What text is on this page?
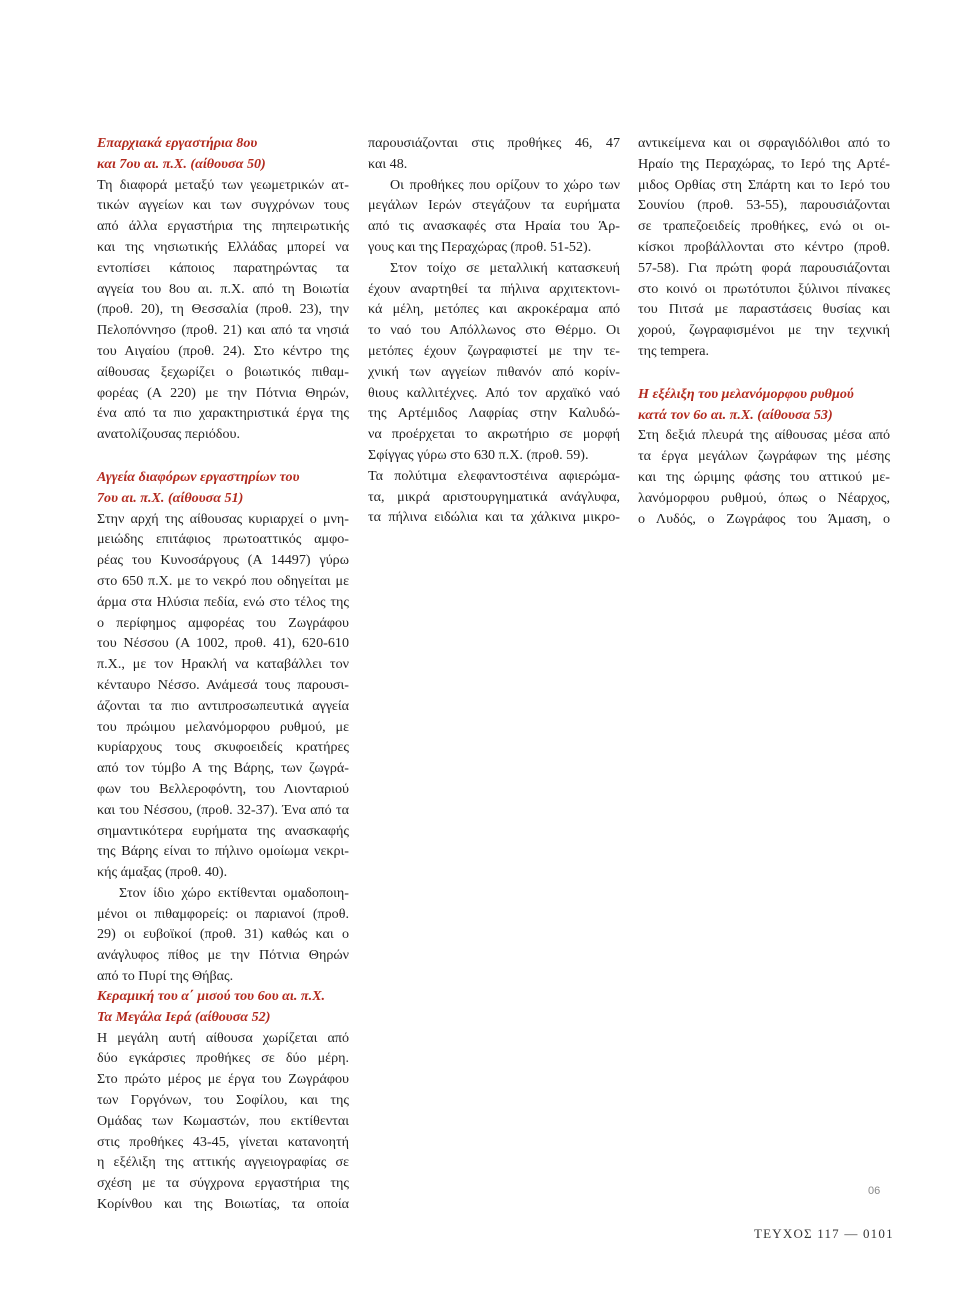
Επαρχιακά εργαστήρια 8ου
και 7ου αι. π.Χ. (αίθουσα 50)
Τη διαφορά μεταξύ των γεωμετρικών ατ-
τικών αγγείων και των συγχρόνων τους
από άλλα εργαστήρια της πηπειρωτικής
και της νησιωτικής Ελλάδας μπορεί να
εντοπίσει κάποιος παρατηρώντας τα
αγγεία του 8ου αι. π.Χ. από τη Βοιωτία
(προθ. 20), τη Θεσσαλία (προθ. 23), την
Πελοπόννησο (προθ. 21) και από τα νησιά
του Αιγαίου (προθ. 24). Στο κέντρο της
αίθουσας ξεχωρίζει ο βοιωτικός πιθαμ-
φορέας (Α 220) με την Πότνια Θηρών,
ένα από τα πιο χαρακτηριστικά έργα της
ανατολίζουσας περιόδου.
Αγγεία διαφόρων εργαστηρίων του
7ου αι. π.Χ. (αίθουσα 51)
Στην αρχή της αίθουσας κυριαρχεί ο μνη-
μειώδης επιτάφιος πρωτοαττικός αμφο-
ρέας του Κυνοσάργους (Α 14497) γύρω
στο 650 π.Χ. με το νεκρό που οδηγείται με
άρμα στα Ηλύσια πεδία, ενώ στο τέλος της
ο περίφημος αμφορέας του Ζωγράφου
του Νέσσου (Α 1002, προθ. 41), 620-610
π.Χ., με τον Ηρακλή να καταβάλλει τον
κένταυρο Νέσσο. Ανάμεσά τους παρουσι-
άζονται τα πιο αντιπροσωπευτικά αγγεία
του πρώιμου μελανόμορφου ρυθμού, με
κυρίαρχους τους σκυφοειδείς κρατήρες
από τον τύμβο Α της Βάρης, των ζωγρά-
φων του Βελλεροφόντη, του Λιονταριού
και του Νέσσου, (προθ. 32-37). Ένα από τα
σημαντικότερα ευρήματα της ανασκαφής
της Βάρης είναι το πήλινο ομοίωμα νεκρι-
κής άμαξας (προθ. 40).
Στον ίδιο χώρο εκτίθενται ομαδοποιη-
μένοι οι πιθαμφορείς: οι παριανοί (προθ.
29) οι ευβοϊκοί (προθ. 31) καθώς και ο
ανάγλυφος πίθος με την Πότνια Θηρών
από το Πυρί της Θήβας.
Κεραμική του α΄ μισού του 6ου αι. π.Χ.
Τα Μεγάλα Ιερά (αίθουσα 52)
Η μεγάλη αυτή αίθουσα χωρίζεται από
δύο εγκάρσιες προθήκες σε δύο μέρη.
Στο πρώτο μέρος με έργα του Ζωγράφου
των Γοργόνων, του Σοφίλου, και της
Ομάδας των Κωμαστών, που εκτίθενται
στις προθήκες 43-45, γίνεται κατανοητή
η εξέλιξη της αττικής αγγειογραφίας σε
σχέση με τα σύγχρονα εργαστήρια της
Κορίνθου και της Βοιωτίας, τα οποία
παρουσιάζονται στις προθήκες 46, 47
και 48.
Οι προθήκες που ορίζουν το χώρο των
μεγάλων Ιερών στεγάζουν τα ευρήματα
από τις ανασκαφές στα Ηραία του Άρ-
γους και της Περαχώρας (προθ. 51-52).
Στον τοίχο σε μεταλλική κατασκευή
έχουν αναρτηθεί τα πήλινα αρχιτεκτονι-
κά μέλη, μετόπες και ακροκέραμα από
το ναό του Απόλλωνος στο Θέρμο. Οι
μετόπες έχουν ζωγραφιστεί με την τε-
χνική των αγγείων πιθανόν από κορίν-
θιους καλλιτέχνες. Από τον αρχαϊκό ναό
της Αρτέμιδος Λαφρίας στην Καλυδώ-
να προέρχεται το ακρωτήριο σε μορφή
Σφίγγας γύρω στο 630 π.Χ. (προθ. 59).
Τα πολύτιμα ελεφαντοστέινα αφιερώμα-
τα, μικρά αριστουργηματικά ανάγλυφα,
τα πήλινα ειδώλια και τα χάλκινα μικρο-
αντικείμενα και οι σφραγιδόλιθοι από το
Ηραίο της Περαχώρας, το Ιερό της Αρτέ-
μιδος Ορθίας στη Σπάρτη και το Ιερό του
Σουνίου (προθ. 53-55), παρουσιάζονται
σε τραπεζοειδείς προθήκες, ενώ οι οι-
κίσκοι προβάλλονται στο κέντρο (προθ.
57-58). Για πρώτη φορά παρουσιάζονται
στο κοινό οι πρωτότυποι ξύλινοι πίνακες
του Πιτσά με παραστάσεις θυσίας και
χορού, ζωγραφισμένοι με την τεχνική
της tempera.
Η εξέλιξη του μελανόμορφου ρυθμού
κατά τον 6ο αι. π.Χ. (αίθουσα 53)
Στη δεξιά πλευρά της αίθουσας μέσα από
τα έργα μεγάλων ζωγράφων της μέσης
και της ώριμης φάσης του αττικού με-
λανόμορφου ρυθμού, όπως ο Νέαρχος,
ο Λυδός, ο Ζωγράφος του Άμαση, ο
06
ΤΕΥΧΟΣ 117 — 0101
